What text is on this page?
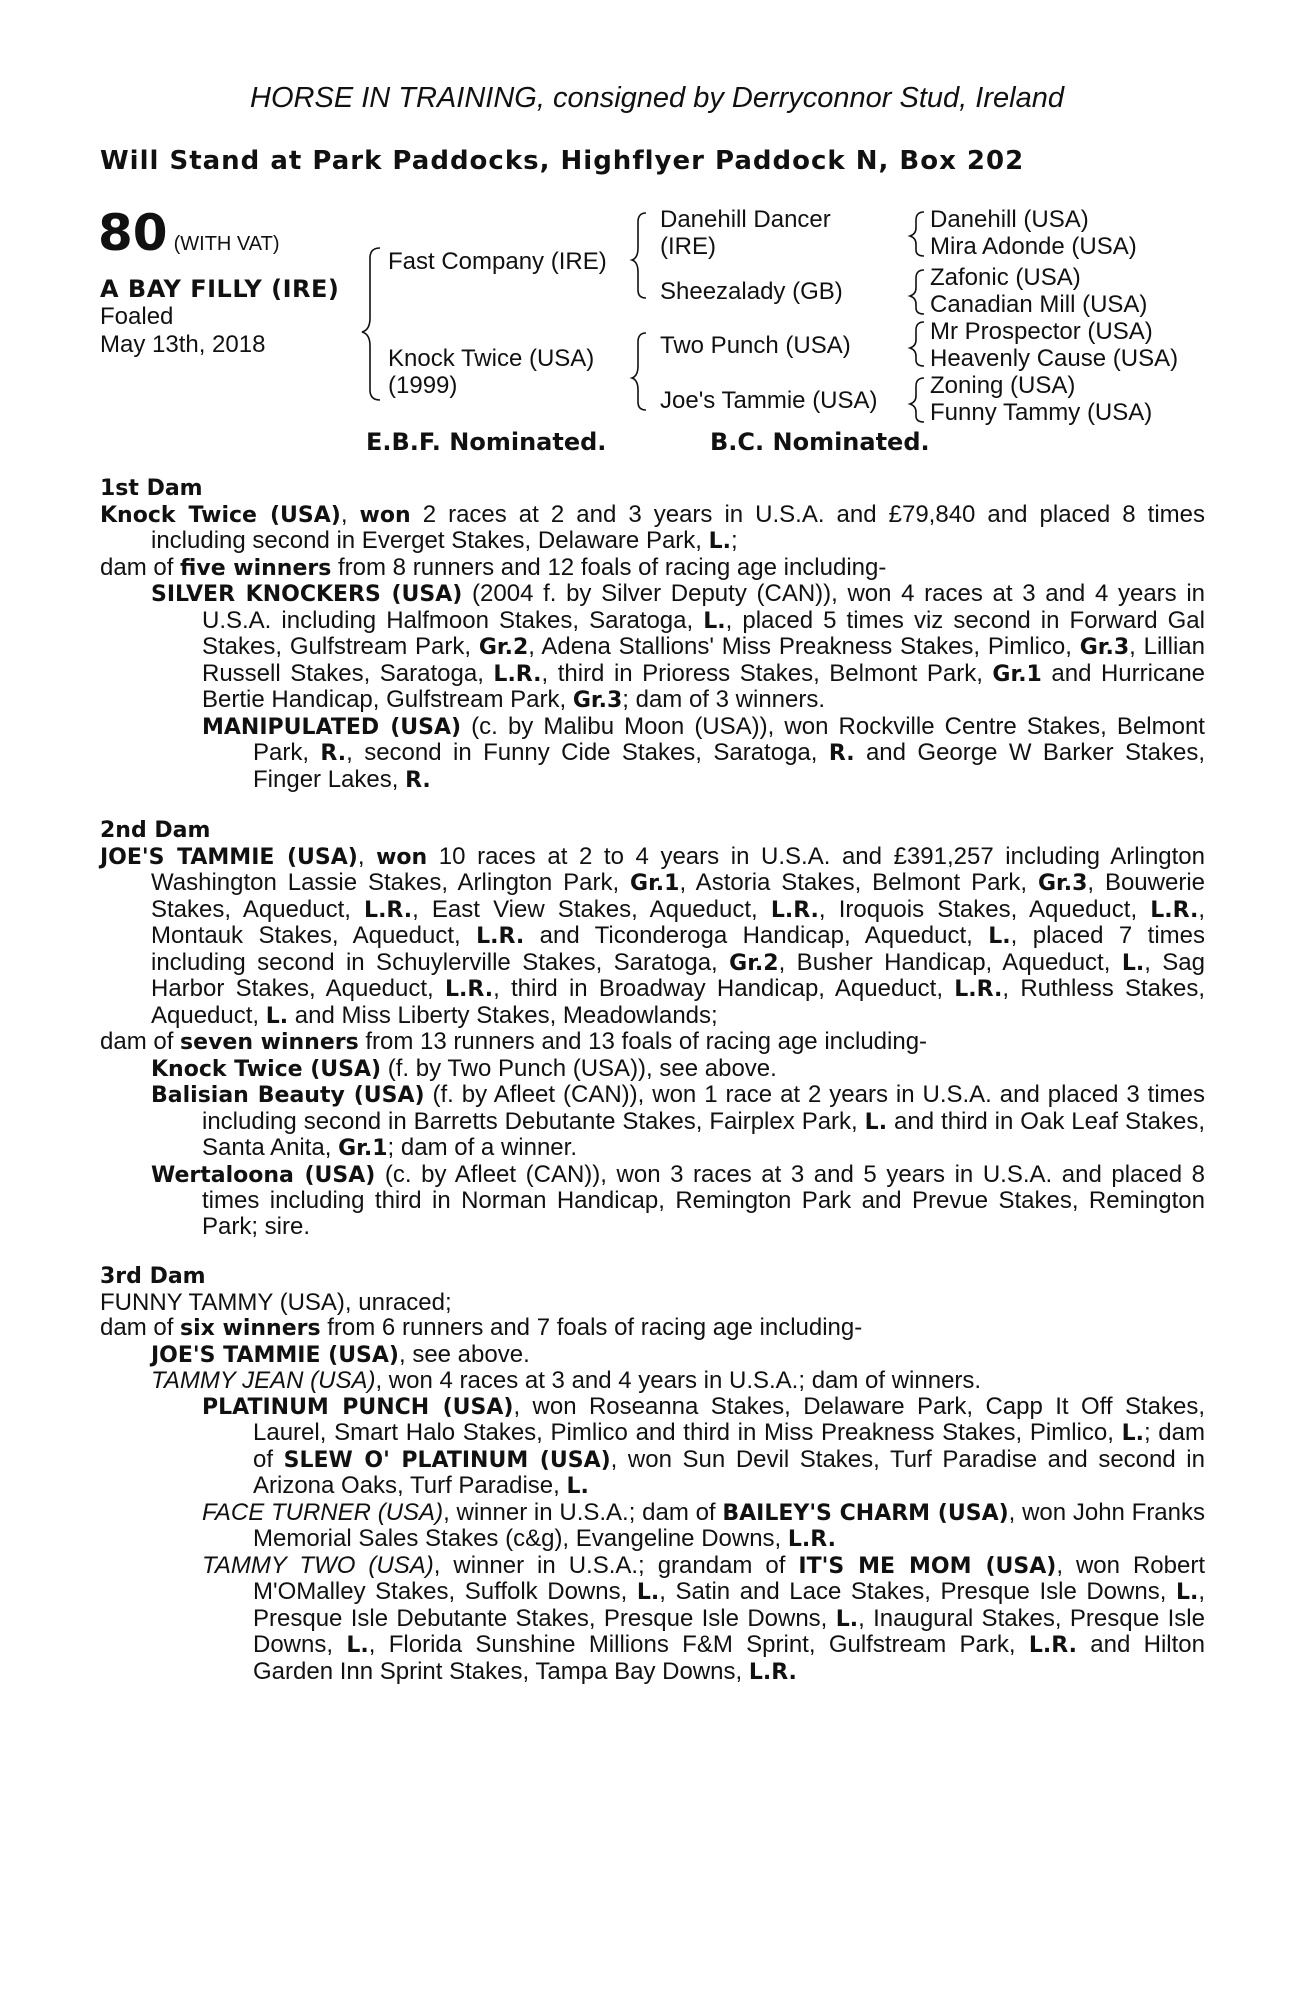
HORSE IN TRAINING, consigned by Derryconnor Stud, Ireland
Will Stand at Park Paddocks, Highflyer Paddock N, Box 202
80 (WITH VAT)
A BAY FILLY (IRE)
Foaled
May 13th, 2018
Fast Company (IRE)
Knock Twice (USA)
(1999)
Danehill Dancer
(IRE)
Sheezalady (GB)
Two Punch (USA)
Joe's Tammie (USA)
Danehill (USA)
Mira Adonde (USA)
Zafonic (USA)
Canadian Mill (USA)
Mr Prospector (USA)
Heavenly Cause (USA)
Zoning (USA)
Funny Tammy (USA)
E.B.F. Nominated.	B.C. Nominated.
1st Dam

Knock Twice (USA), won 2 races at 2 and 3 years in U.S.A. and £79,840 and placed 8 times including second in Everget Stakes, Delaware Park, L.;

dam of five winners from 8 runners and 12 foals of racing age including-

SILVER KNOCKERS (USA) (2004 f. by Silver Deputy (CAN)), won 4 races at 3 and 4 years in U.S.A. including Halfmoon Stakes, Saratoga, L., placed 5 times viz second in Forward Gal Stakes, Gulfstream Park, Gr.2, Adena Stallions' Miss Preakness Stakes, Pimlico, Gr.3, Lillian Russell Stakes, Saratoga, L.R., third in Prioress Stakes, Belmont Park, Gr.1 and Hurricane Bertie Handicap, Gulfstream Park, Gr.3; dam of 3 winners.

MANIPULATED (USA) (c. by Malibu Moon (USA)), won Rockville Centre Stakes, Belmont Park, R., second in Funny Cide Stakes, Saratoga, R. and George W Barker Stakes, Finger Lakes, R.

2nd Dam

JOE'S TAMMIE (USA), won 10 races at 2 to 4 years in U.S.A. and £391,257 including Arlington Washington Lassie Stakes, Arlington Park, Gr.1, Astoria Stakes, Belmont Park, Gr.3, Bouwerie Stakes, Aqueduct, L.R., East View Stakes, Aqueduct, L.R., Iroquois Stakes, Aqueduct, L.R., Montauk Stakes, Aqueduct, L.R. and Ticonderoga Handicap, Aqueduct, L., placed 7 times including second in Schuylerville Stakes, Saratoga, Gr.2, Busher Handicap, Aqueduct, L., Sag Harbor Stakes, Aqueduct, L.R., third in Broadway Handicap, Aqueduct, L.R., Ruthless Stakes, Aqueduct, L. and Miss Liberty Stakes, Meadowlands;

dam of seven winners from 13 runners and 13 foals of racing age including-

Knock Twice (USA) (f. by Two Punch (USA)), see above.

Balisian Beauty (USA) (f. by Afleet (CAN)), won 1 race at 2 years in U.S.A. and placed 3 times including second in Barretts Debutante Stakes, Fairplex Park, L. and third in Oak Leaf Stakes, Santa Anita, Gr.1; dam of a winner.

Wertaloona (USA) (c. by Afleet (CAN)), won 3 races at 3 and 5 years in U.S.A. and placed 8 times including third in Norman Handicap, Remington Park and Prevue Stakes, Remington Park; sire.

3rd Dam

FUNNY TAMMY (USA), unraced;

dam of six winners from 6 runners and 7 foals of racing age including-

JOE'S TAMMIE (USA), see above.

TAMMY JEAN (USA), won 4 races at 3 and 4 years in U.S.A.; dam of winners.

PLATINUM PUNCH (USA), won Roseanna Stakes, Delaware Park, Capp It Off Stakes, Laurel, Smart Halo Stakes, Pimlico and third in Miss Preakness Stakes, Pimlico, L.; dam of SLEW O' PLATINUM (USA), won Sun Devil Stakes, Turf Paradise and second in Arizona Oaks, Turf Paradise, L.

FACE TURNER (USA), winner in U.S.A.; dam of BAILEY'S CHARM (USA), won John Franks Memorial Sales Stakes (c&g), Evangeline Downs, L.R.

TAMMY TWO (USA), winner in U.S.A.; grandam of IT'S ME MOM (USA), won Robert M'OMalley Stakes, Suffolk Downs, L., Satin and Lace Stakes, Presque Isle Downs, L., Presque Isle Debutante Stakes, Presque Isle Downs, L., Inaugural Stakes, Presque Isle Downs, L., Florida Sunshine Millions F&M Sprint, Gulfstream Park, L.R. and Hilton Garden Inn Sprint Stakes, Tampa Bay Downs, L.R.
